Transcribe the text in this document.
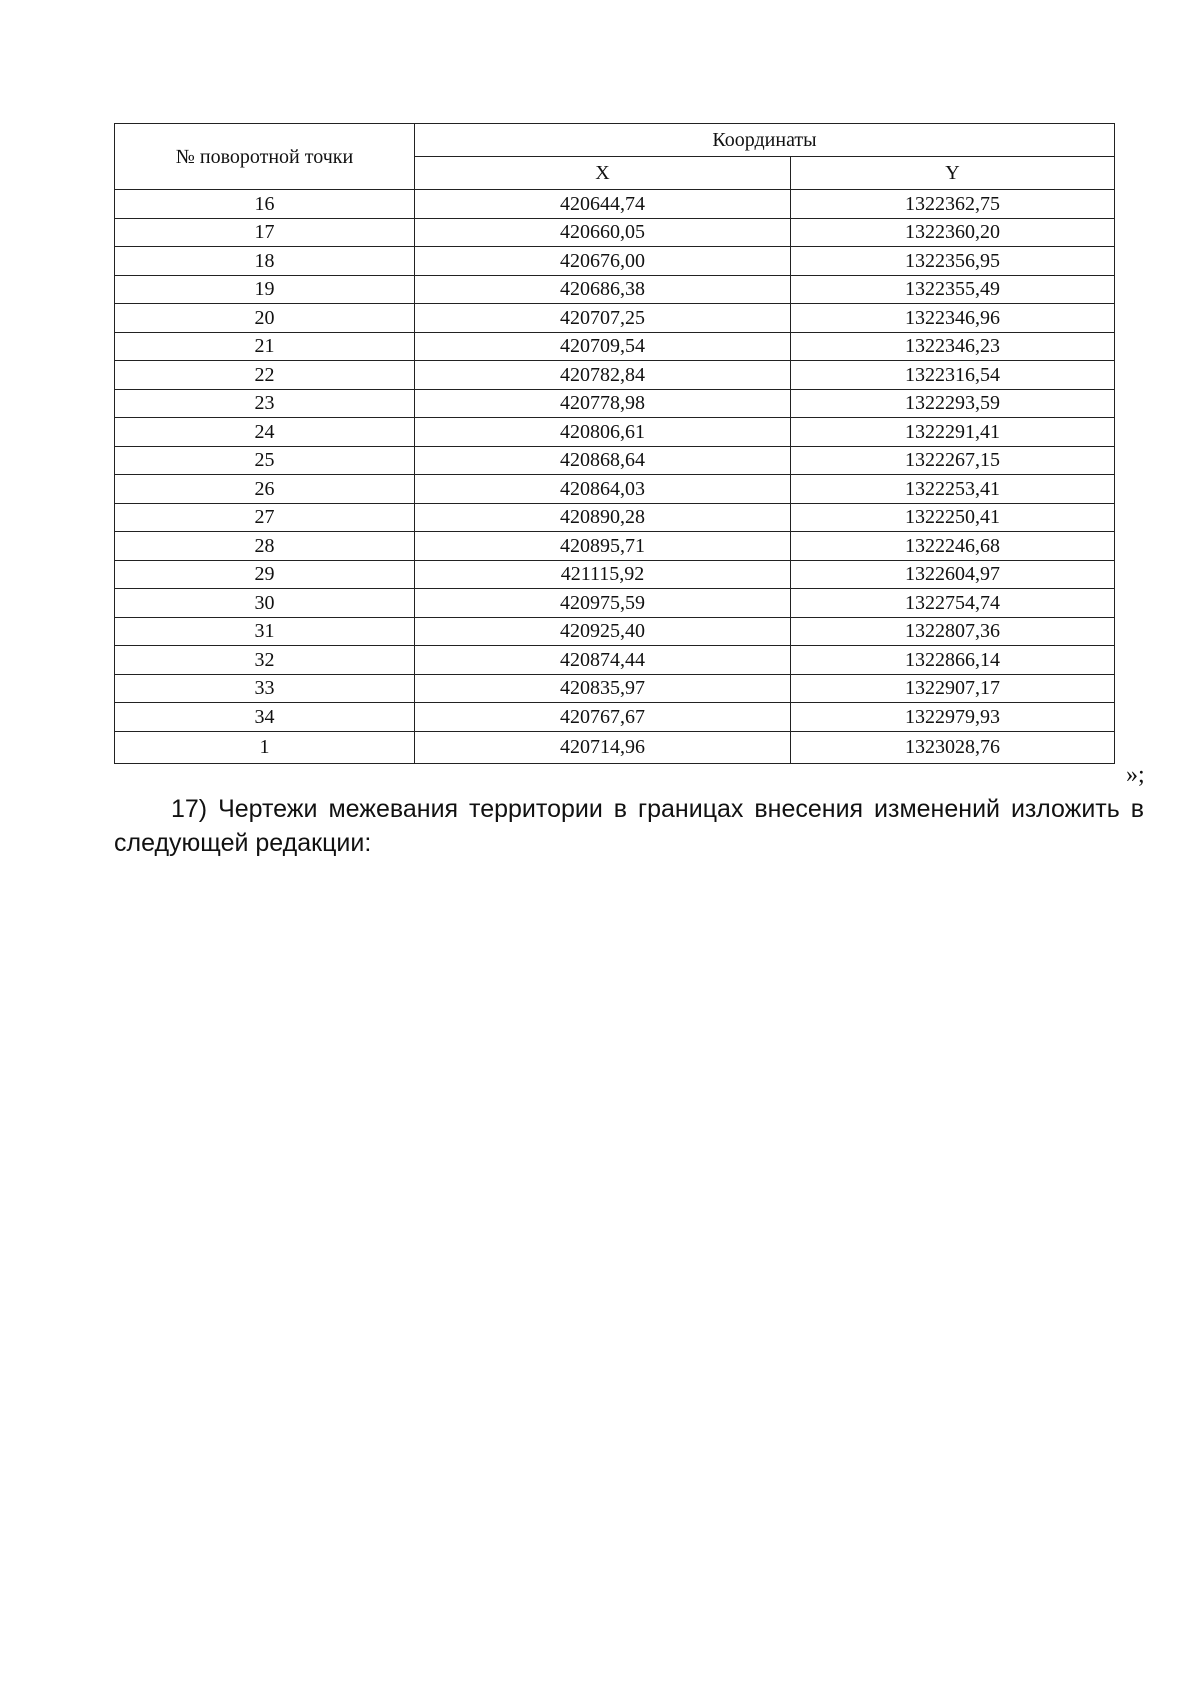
№ поворотной точки	Координаты	
	X	Y
16	420644,74	1322362,75
17	420660,05	1322360,20
18	420676,00	1322356,95
19	420686,38	1322355,49
20	420707,25	1322346,96
21	420709,54	1322346,23
22	420782,84	1322316,54
23	420778,98	1322293,59
24	420806,61	1322291,41
25	420868,64	1322267,15
26	420864,03	1322253,41
27	420890,28	1322250,41
28	420895,71	1322246,68
29	421115,92	1322604,97
30	420975,59	1322754,74
31	420925,40	1322807,36
32	420874,44	1322866,14
33	420835,97	1322907,17
34	420767,67	1322979,93
1	420714,96	1323028,76
»;

17) Чертежи межевания территории в границах внесения изменений изложить в следующей редакции:
